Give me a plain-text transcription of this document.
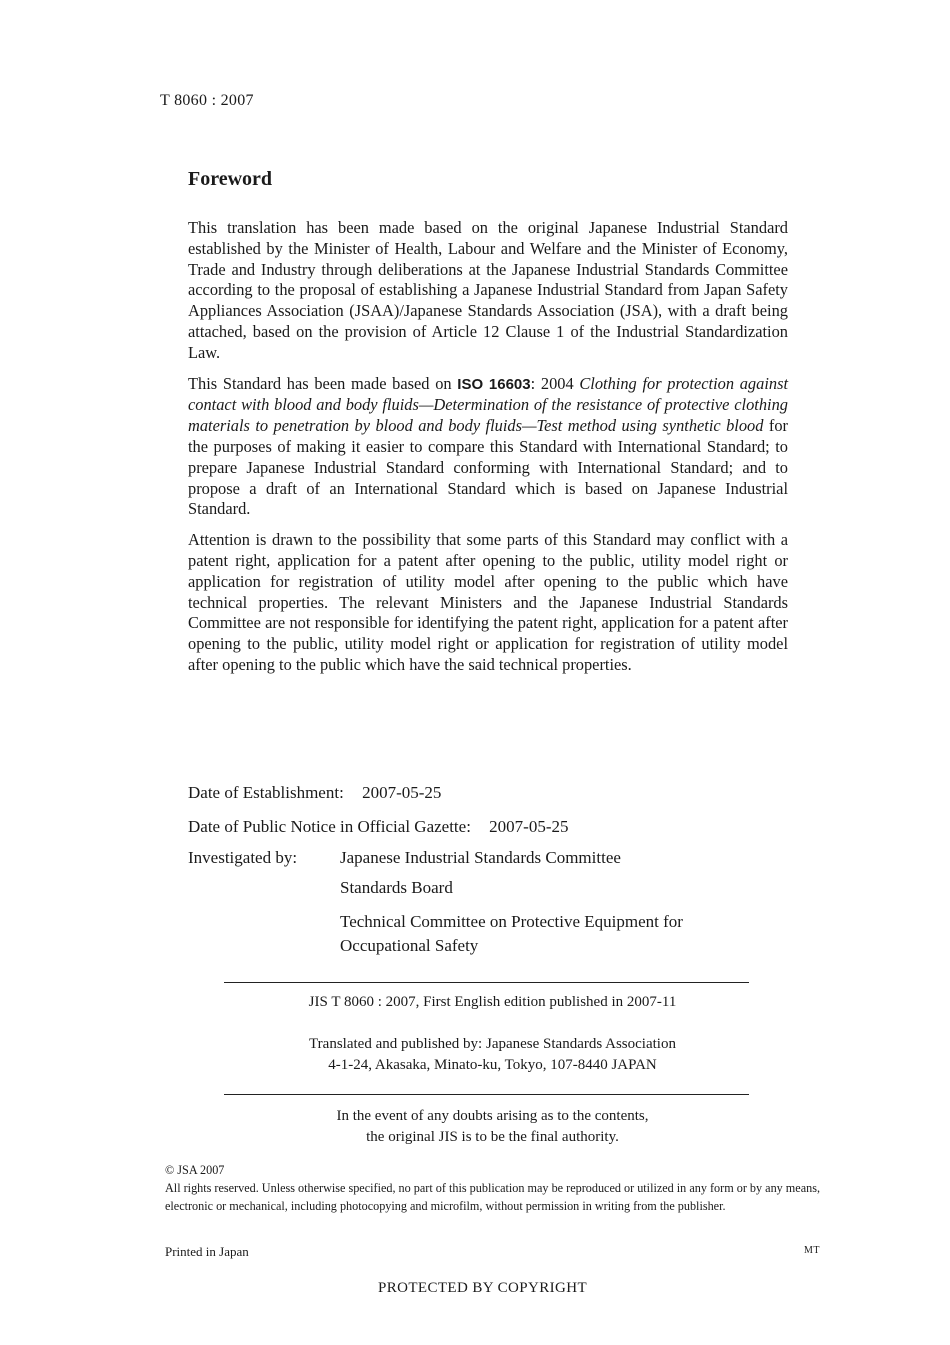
T 8060 : 2007
Foreword

This translation has been made based on the original Japanese Industrial Standard established by the Minister of Health, Labour and Welfare and the Minister of Economy, Trade and Industry through deliberations at the Japanese Industrial Standards Committee according to the proposal of establishing a Japanese Industrial Standard from Japan Safety Appliances Association (JSAA)/Japanese Standards Association (JSA), with a draft being attached, based on the provision of Article 12 Clause 1 of the Industrial Standardization Law.

This Standard has been made based on ISO 16603: 2004 Clothing for protection against contact with blood and body fluids—Determination of the resistance of protective clothing materials to penetration by blood and body fluids—Test method using synthetic blood for the purposes of making it easier to compare this Standard with International Standard; to prepare Japanese Industrial Standard conforming with International Standard; and to propose a draft of an International Standard which is based on Japanese Industrial Standard.

Attention is drawn to the possibility that some parts of this Standard may conflict with a patent right, application for a patent after opening to the public, utility model right or application for registration of utility model after opening to the public which have technical properties. The relevant Ministers and the Japanese Industrial Standards Committee are not responsible for identifying the patent right, application for a patent after opening to the public, utility model right or application for registration of utility model after opening to the public which have the said technical properties.

Date of Establishment: 2007-05-25
Date of Public Notice in Official Gazette: 2007-05-25
Investigated by:	Japanese Industrial Standards Committee
Standards Board
Technical Committee on Protective Equipment for Occupational Safety
JIS T 8060 : 2007, First English edition published in 2007-11
Translated and published by: Japanese Standards Association
4-1-24, Akasaka, Minato-ku, Tokyo, 107-8440 JAPAN
In the event of any doubts arising as to the contents,
the original JIS is to be the final authority.
© JSA 2007
All rights reserved. Unless otherwise specified, no part of this publication may be reproduced or utilized in any form or by any means, electronic or mechanical, including photocopying and microfilm, without permission in writing from the publisher.
Printed in Japan	MT
PROTECTED BY COPYRIGHT
